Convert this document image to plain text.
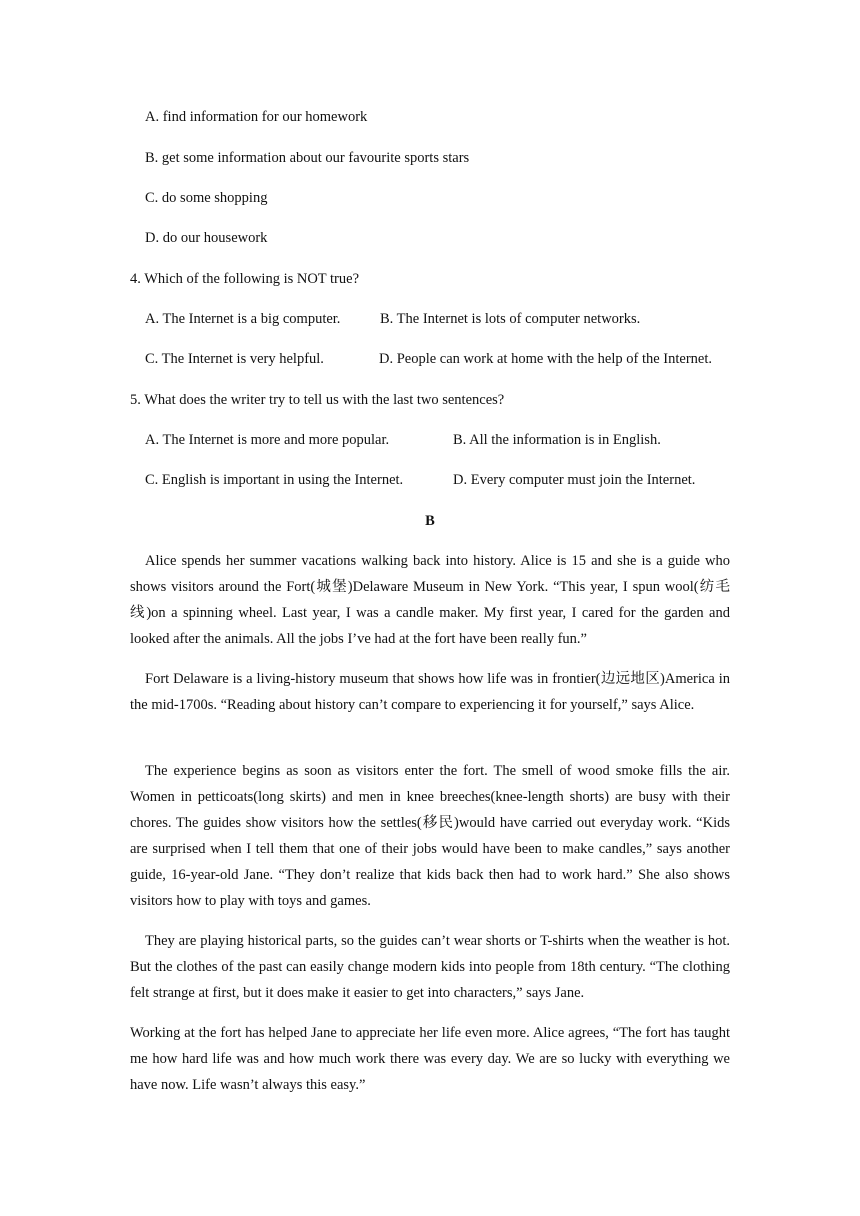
A. find information for our homework
B. get some information about our favourite sports stars
C. do some shopping
D. do our housework
4. Which of the following is NOT true?
A. The Internet is a big computer.	B. The Internet is lots of computer networks.
C. The Internet is very helpful.	D. People can work at home with the help of the Internet.
5. What does the writer try to tell us with the last two sentences?
A. The Internet is more and more popular.	B. All the information is in English.
C. English is important in using the Internet.	D. Every computer must join the Internet.
B
Alice spends her summer vacations walking back into history. Alice is 15 and she is a guide who shows visitors around the Fort(城堡)Delaware Museum in New York. “This year, I spun wool(纺毛线)on a spinning wheel. Last year, I was a candle maker. My first year, I cared for the garden and looked after the animals. All the jobs I’ve had at the fort have been really fun.”
Fort Delaware is a living-history museum that shows how life was in frontier(边远地区)America in the mid-1700s. “Reading about history can’t compare to experiencing it for yourself,” says Alice.
The experience begins as soon as visitors enter the fort. The smell of wood smoke fills the air. Women in petticoats(long skirts) and men in knee breeches(knee-length shorts) are busy with their chores. The guides show visitors how the settles(移民)would have carried out everyday work. “Kids are surprised when I tell them that one of their jobs would have been to make candles,” says another guide, 16-year-old Jane. “They don’t realize that kids back then had to work hard.” She also shows visitors how to play with toys and games.
They are playing historical parts, so the guides can’t wear shorts or T-shirts when the weather is hot. But the clothes of the past can easily change modern kids into people from 18th century. “The clothing felt strange at first, but it does make it easier to get into characters,” says Jane.
Working at the fort has helped Jane to appreciate her life even more. Alice agrees, “The fort has taught me how hard life was and how much work there was every day. We are so lucky with everything we have now. Life wasn’t always this easy.”
